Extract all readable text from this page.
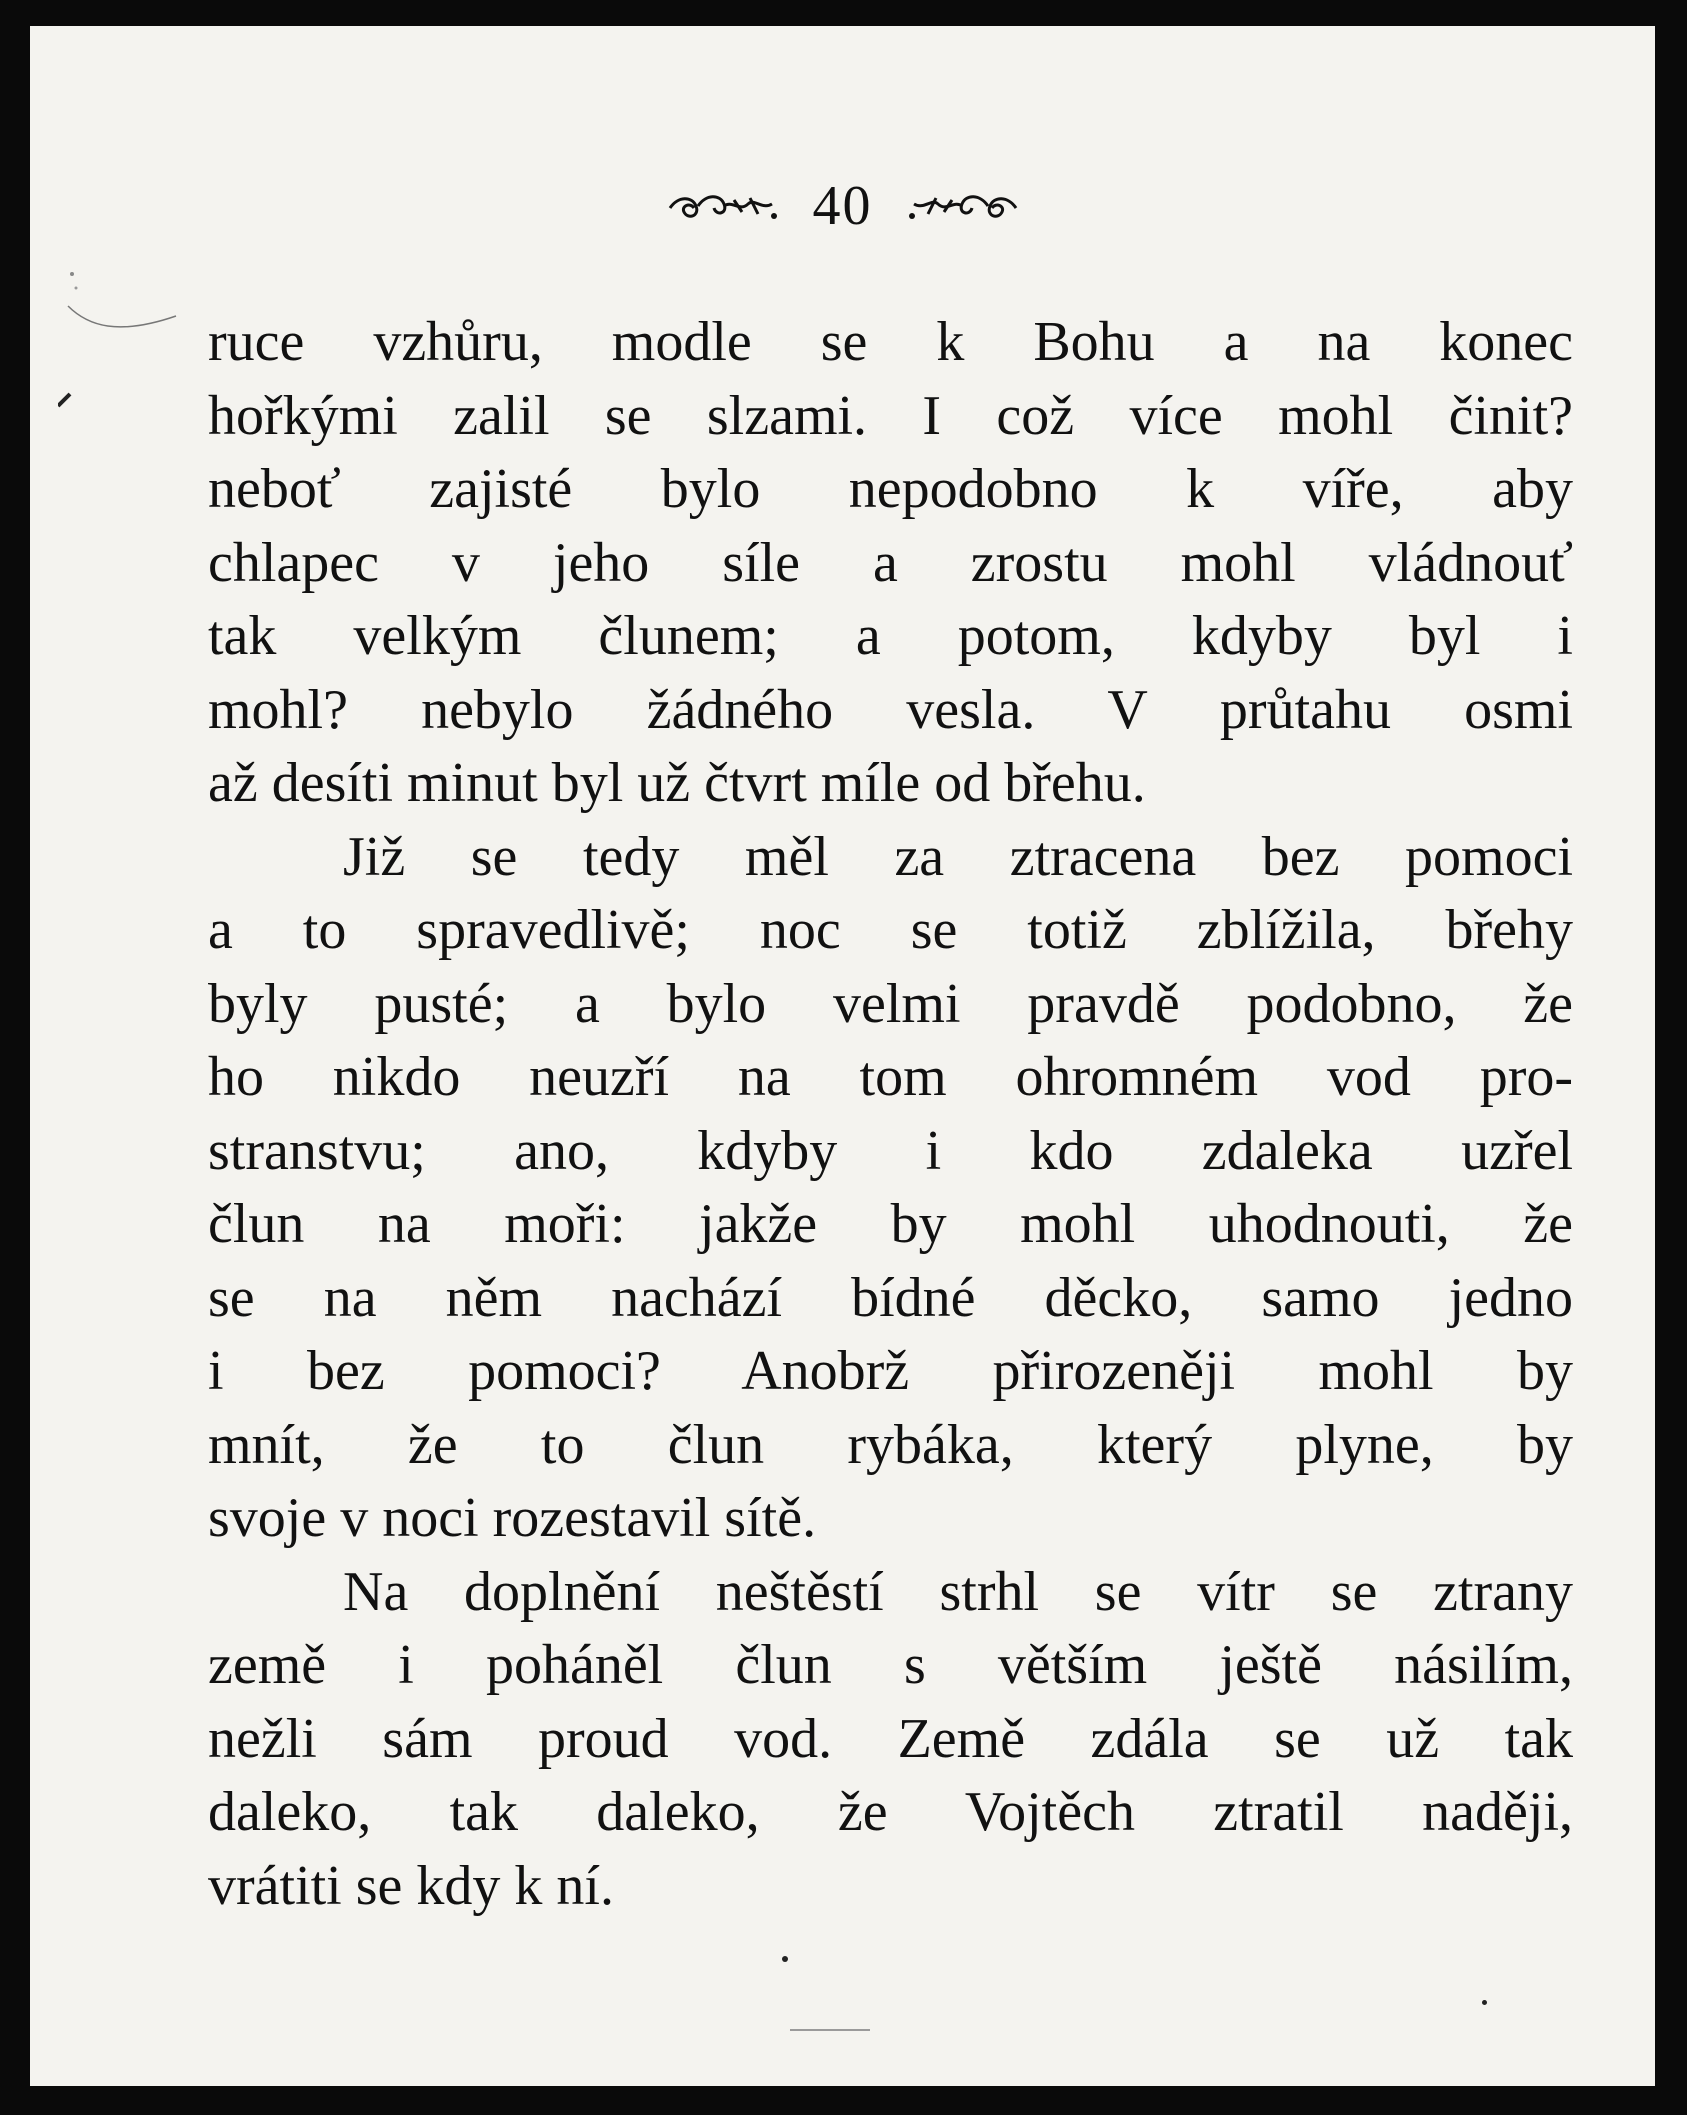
40
ruce vzhůru, modle se k Bohu a na konec
hořkými zalil se slzami. I což více mohl činit?
neboť zajisté bylo nepodobno k víře, aby
chlapec v jeho síle a zrostu mohl vládnouť
tak velkým člunem; a potom, kdyby byl i
mohl? nebylo žádného vesla. V průtahu osmi
až desíti minut byl už čtvrt míle od břehu.
Již se tedy měl za ztracena bez pomoci
a to spravedlivě; noc se totiž zblížila, břehy
byly pusté; a bylo velmi pravdě podobno, že
ho nikdo neuzří na tom ohromném vod pro-
stranstvu; ano, kdyby i kdo zdaleka uzřel
člun na moři: jakže by mohl uhodnouti, že
se na něm nachází bídné děcko, samo jedno
i bez pomoci? Anobrž přirozeněji mohl by
mnít, že to člun rybáka, který plyne, by
svoje v noci rozestavil sítě.
Na doplnění neštěstí strhl se vítr se ztrany
země i poháněl člun s větším ještě násilím,
nežli sám proud vod. Země zdála se už tak
daleko, tak daleko, že Vojtěch ztratil naději,
vrátiti se kdy k ní.
